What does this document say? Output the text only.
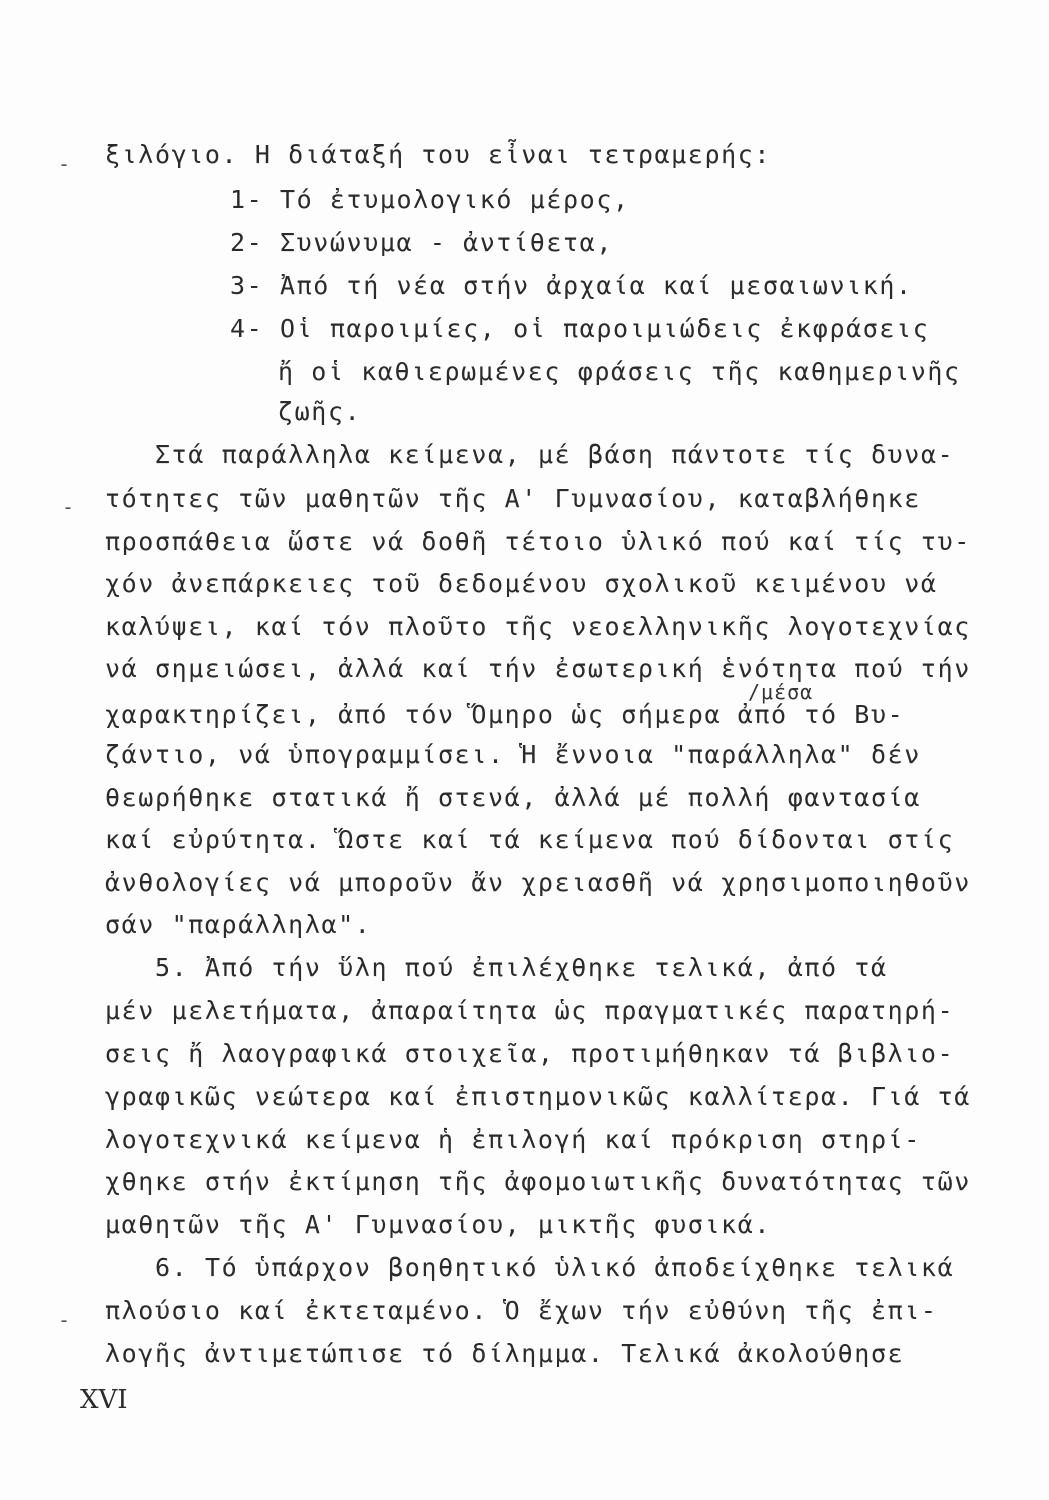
- ξιλόγιο. Η διάταξή του εἶναι τετραμερής:
1- Τό ἐτυμολογικό μέρος,
2- Συνώνυμα - ἀντίθετα,
3- Ἀπό τή νέα στήν ἀρχαία καί μεσαιωνική.
4- Οἱ παροιμίες, οἱ παροιμιώδεις ἐκφράσεις
ἤ οἱ καθιερωμένες φράσεις τῆς καθημερινῆς
ζωῆς.
Στά παράλληλα κείμενα, μέ βάση πάντοτε τίς δυνα-
- τότητες τῶν μαθητῶν τῆς Α' Γυμνασίου, καταβλήθηκε
προσπάθεια ὥστε νά δοθῆ τέτοιο ὑλικό πού καί τίς τυ-
χόν ἀνεπάρκειες τοῦ δεδομένου σχολικοῦ κειμένου νά
καλύψει, καί τόν πλοῦτο τῆς νεοελληνικῆς λογοτεχνίας
νά σημειώσει, ἀλλά καί τήν ἐσωτερική ἑνότητα πού τήν
/μέσα
χαρακτηρίζει, ἀπό τόν Ὅμηρο ὡς σήμερα ἀπό τό Βυ-
ζάντιο, νά ὑπογραμμίσει. Ἡ ἔννοια "παράλληλα" δέν
θεωρήθηκε στατικά ἤ στενά, ἀλλά μέ πολλή φαντασία
καί εὐρύτητα. Ὥστε καί τά κείμενα πού δίδονται στίς
ἀνθολογίες νά μποροῦν ἄν χρειασθῆ νά χρησιμοποιηθοῦν
σάν "παράλληλα".
5. Ἀπό τήν ὕλη πού ἐπιλέχθηκε τελικά, ἀπό τά
μέν μελετήματα, ἀπαραίτητα ὡς πραγματικές παρατηρή-
σεις ἤ λαογραφικά στοιχεῖα, προτιμήθηκαν τά βιβλιο-
γραφικῶς νεώτερα καί ἐπιστημονικῶς καλλίτερα. Γιά τά
λογοτεχνικά κείμενα ἡ ἐπιλογή καί πρόκριση στηρί-
χθηκε στήν ἐκτίμηση τῆς ἀφομοιωτικῆς δυνατότητας τῶν
μαθητῶν τῆς Α' Γυμνασίου, μικτῆς φυσικά.
6. Τό ὑπάρχον βοηθητικό ὑλικό ἀποδείχθηκε τελικά
- πλούσιο καί ἐκτεταμένο. Ὁ ἔχων τήν εὐθύνη τῆς ἐπι-
λογῆς ἀντιμετώπισε τό δίλημμα. Τελικά ἀκολούθησε
XVI
